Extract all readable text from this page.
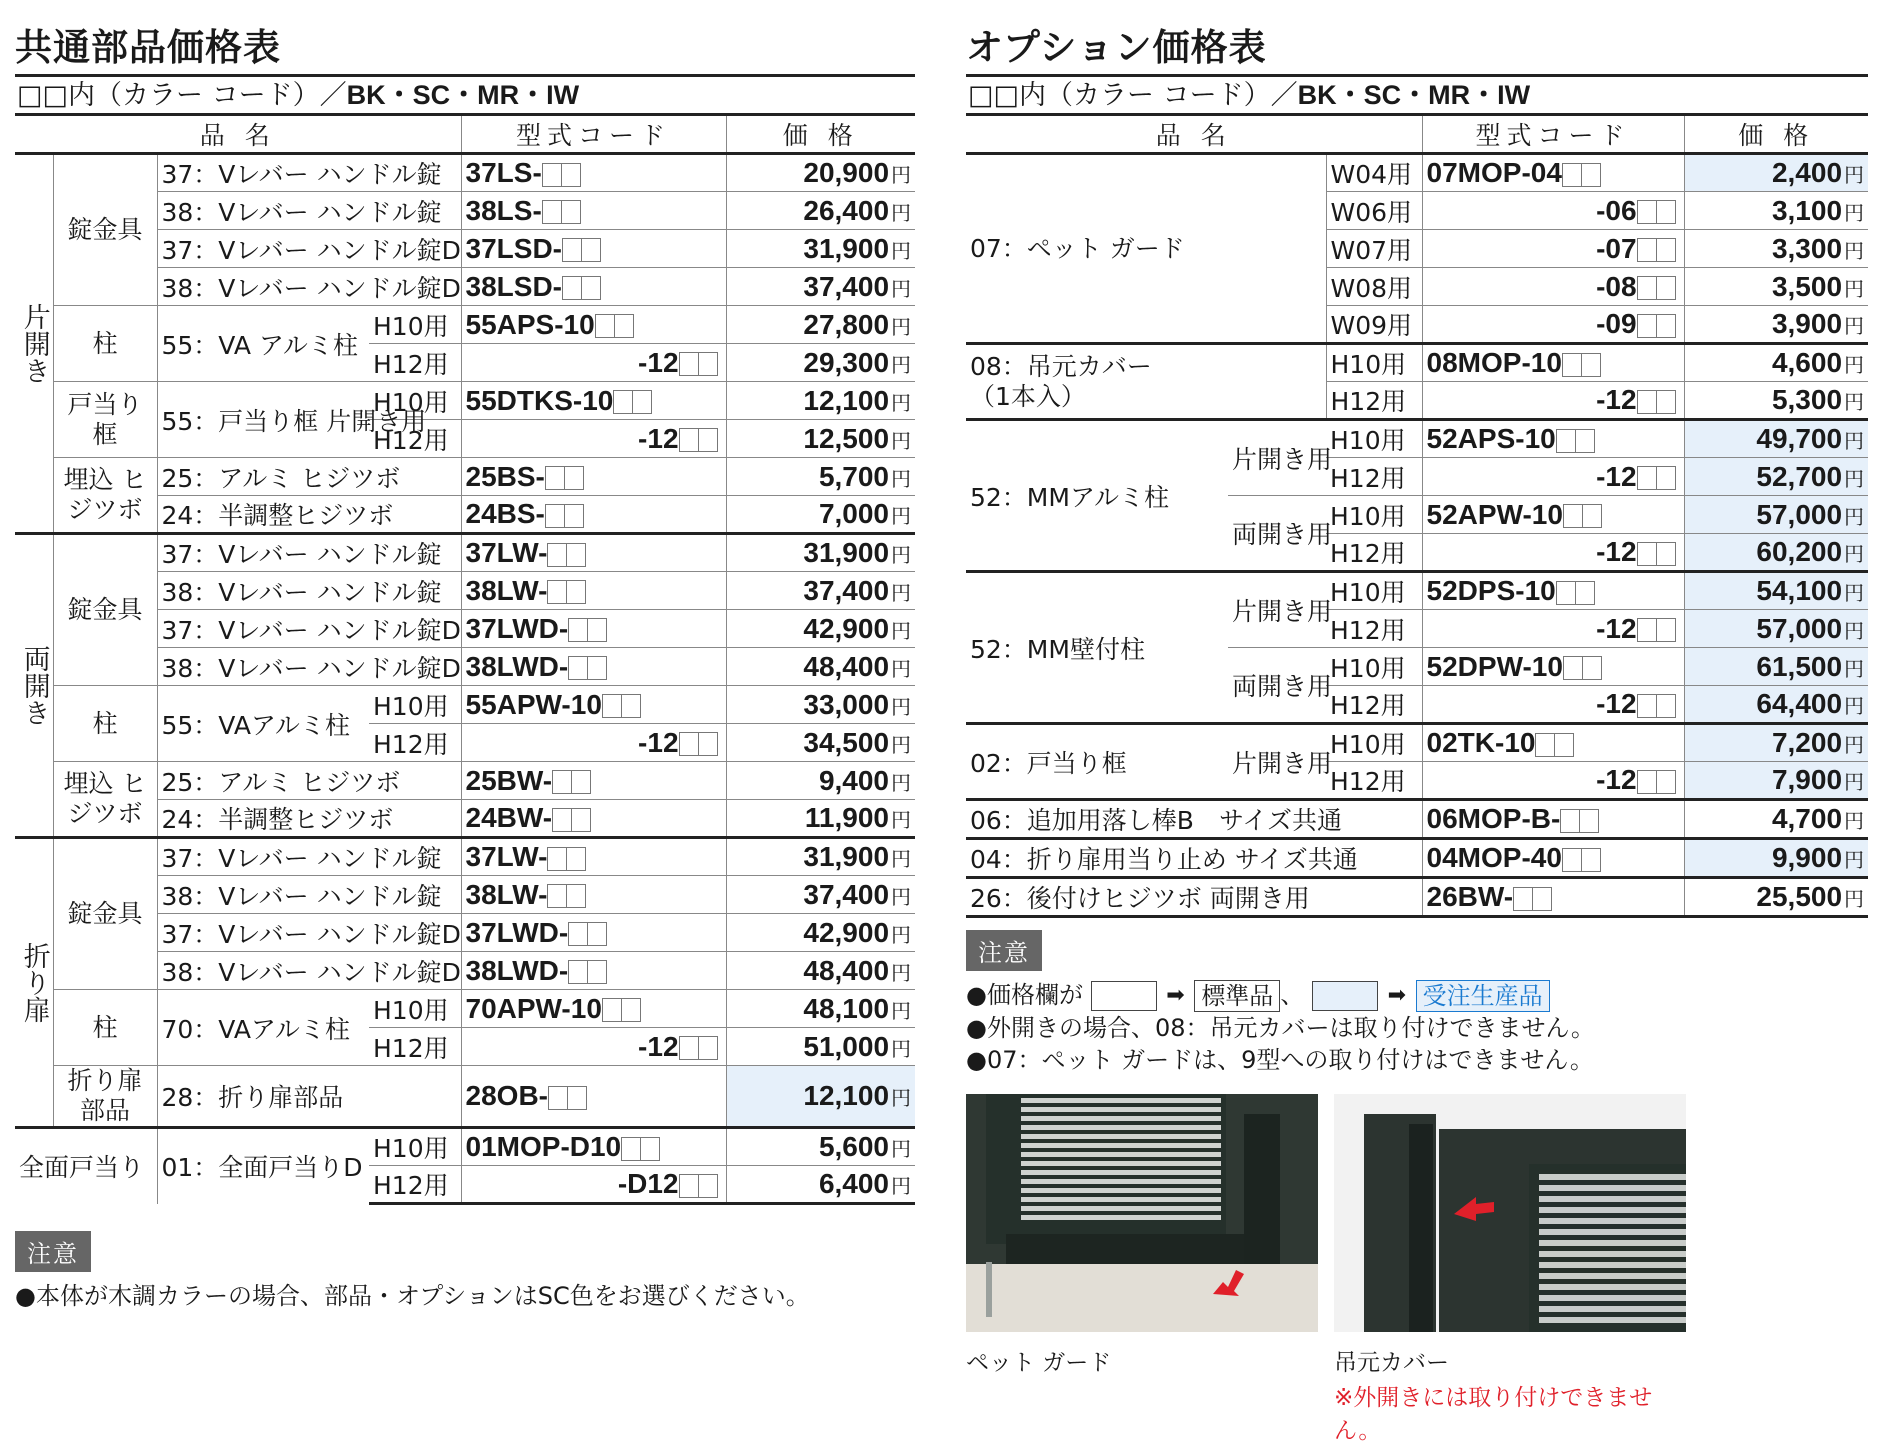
共通部品価格表
□□内（カラー コード）／BK・SC・MR・IW
品 名				型式コード	価 格
片開き	錠金具	37：Vレバー ハンドル錠		37LS-	20,900 円
		38：Vレバー ハンドル錠		38LS-	26,400 円
		37：Vレバー ハンドル錠D		37LSD-	31,900 円
		38：Vレバー ハンドル錠D		38LSD-	37,400 円
	柱	55：VA アルミ柱	H10用	55APS-10	27,800 円
			H12用	-12	29,300 円
	戸当り框	55：戸当り框 片開き用	H10用	55DTKS-10	12,100 円
			H12用	-12	12,500 円
	埋込 ヒジツボ	25：アルミ ヒジツボ		25BS-	5,700 円
		24：半調整ヒジツボ		24BS-	7,000 円
両開き	錠金具	37：Vレバー ハンドル錠		37LW-	31,900 円
		38：Vレバー ハンドル錠		38LW-	37,400 円
		37：Vレバー ハンドル錠D		37LWD-	42,900 円
		38：Vレバー ハンドル錠D		38LWD-	48,400 円
	柱	55：VAアルミ柱	H10用	55APW-10	33,000 円
			H12用	-12	34,500 円
	埋込 ヒジツボ	25：アルミ ヒジツボ		25BW-	9,400 円
		24：半調整ヒジツボ		24BW-	11,900 円
折り扉	錠金具	37：Vレバー ハンドル錠		37LW-	31,900 円
		38：Vレバー ハンドル錠		38LW-	37,400 円
		37：Vレバー ハンドル錠D		37LWD-	42,900 円
		38：Vレバー ハンドル錠D		38LWD-	48,400 円
	柱	70：VAアルミ柱	H10用	70APW-10	48,100 円
			H12用	-12	51,000 円
	折り扉部品	28：折り扉部品		28OB-	12,100 円
全面戸当り		01：全面戸当りD	H10用	01MOP-D10	5,600 円
			H12用	-D12	6,400 円
注意
●本体が木調カラーの場合、部品・オプションはSC色をお選びください。
オプション価格表
□□内（カラー コード）／BK・SC・MR・IW
品 名			型式コード	価 格

07：ペット ガード		W04用	07MOP-04	2,400 円
		W06用	-06	3,100 円
		W07用	-07	3,300 円
		W08用	-08	3,500 円
		W09用	-09	3,900 円

08：吊元カバー
（1本入）		H10用	08MOP-10	4,600 円
		H12用	-12	5,300 円
52：MMアルミ柱	片開き用	H10用	52APS-10	49,700 円
		H12用	-12	52,700 円
	両開き用	H10用	52APW-10	57,000 円
		H12用	-12	60,200 円
52：MM壁付柱	片開き用	H10用	52DPS-10	54,100 円
		H12用	-12	57,000 円
	両開き用	H10用	52DPW-10	61,500 円
		H12用	-12	64,400 円
02：戸当り框	片開き用	H10用	02TK-10	7,200 円
		H12用	-12	7,900 円
06：追加用落し棒B　サイズ共通			06MOP-B-	4,700 円
04：折り扉用当り止め サイズ共通			04MOP-40	9,900 円
26：後付けヒジツボ 両開き用			26BW-	25,500 円
注意
●価格欄が	➡ 標準品 、	➡ 受注生産品
●外開きの場合、08：吊元カバーは取り付けできません。
●07：ペット ガードは、9型への取り付けはできません。
ペット ガード	吊元カバー
※外開きには取り付けできません。
